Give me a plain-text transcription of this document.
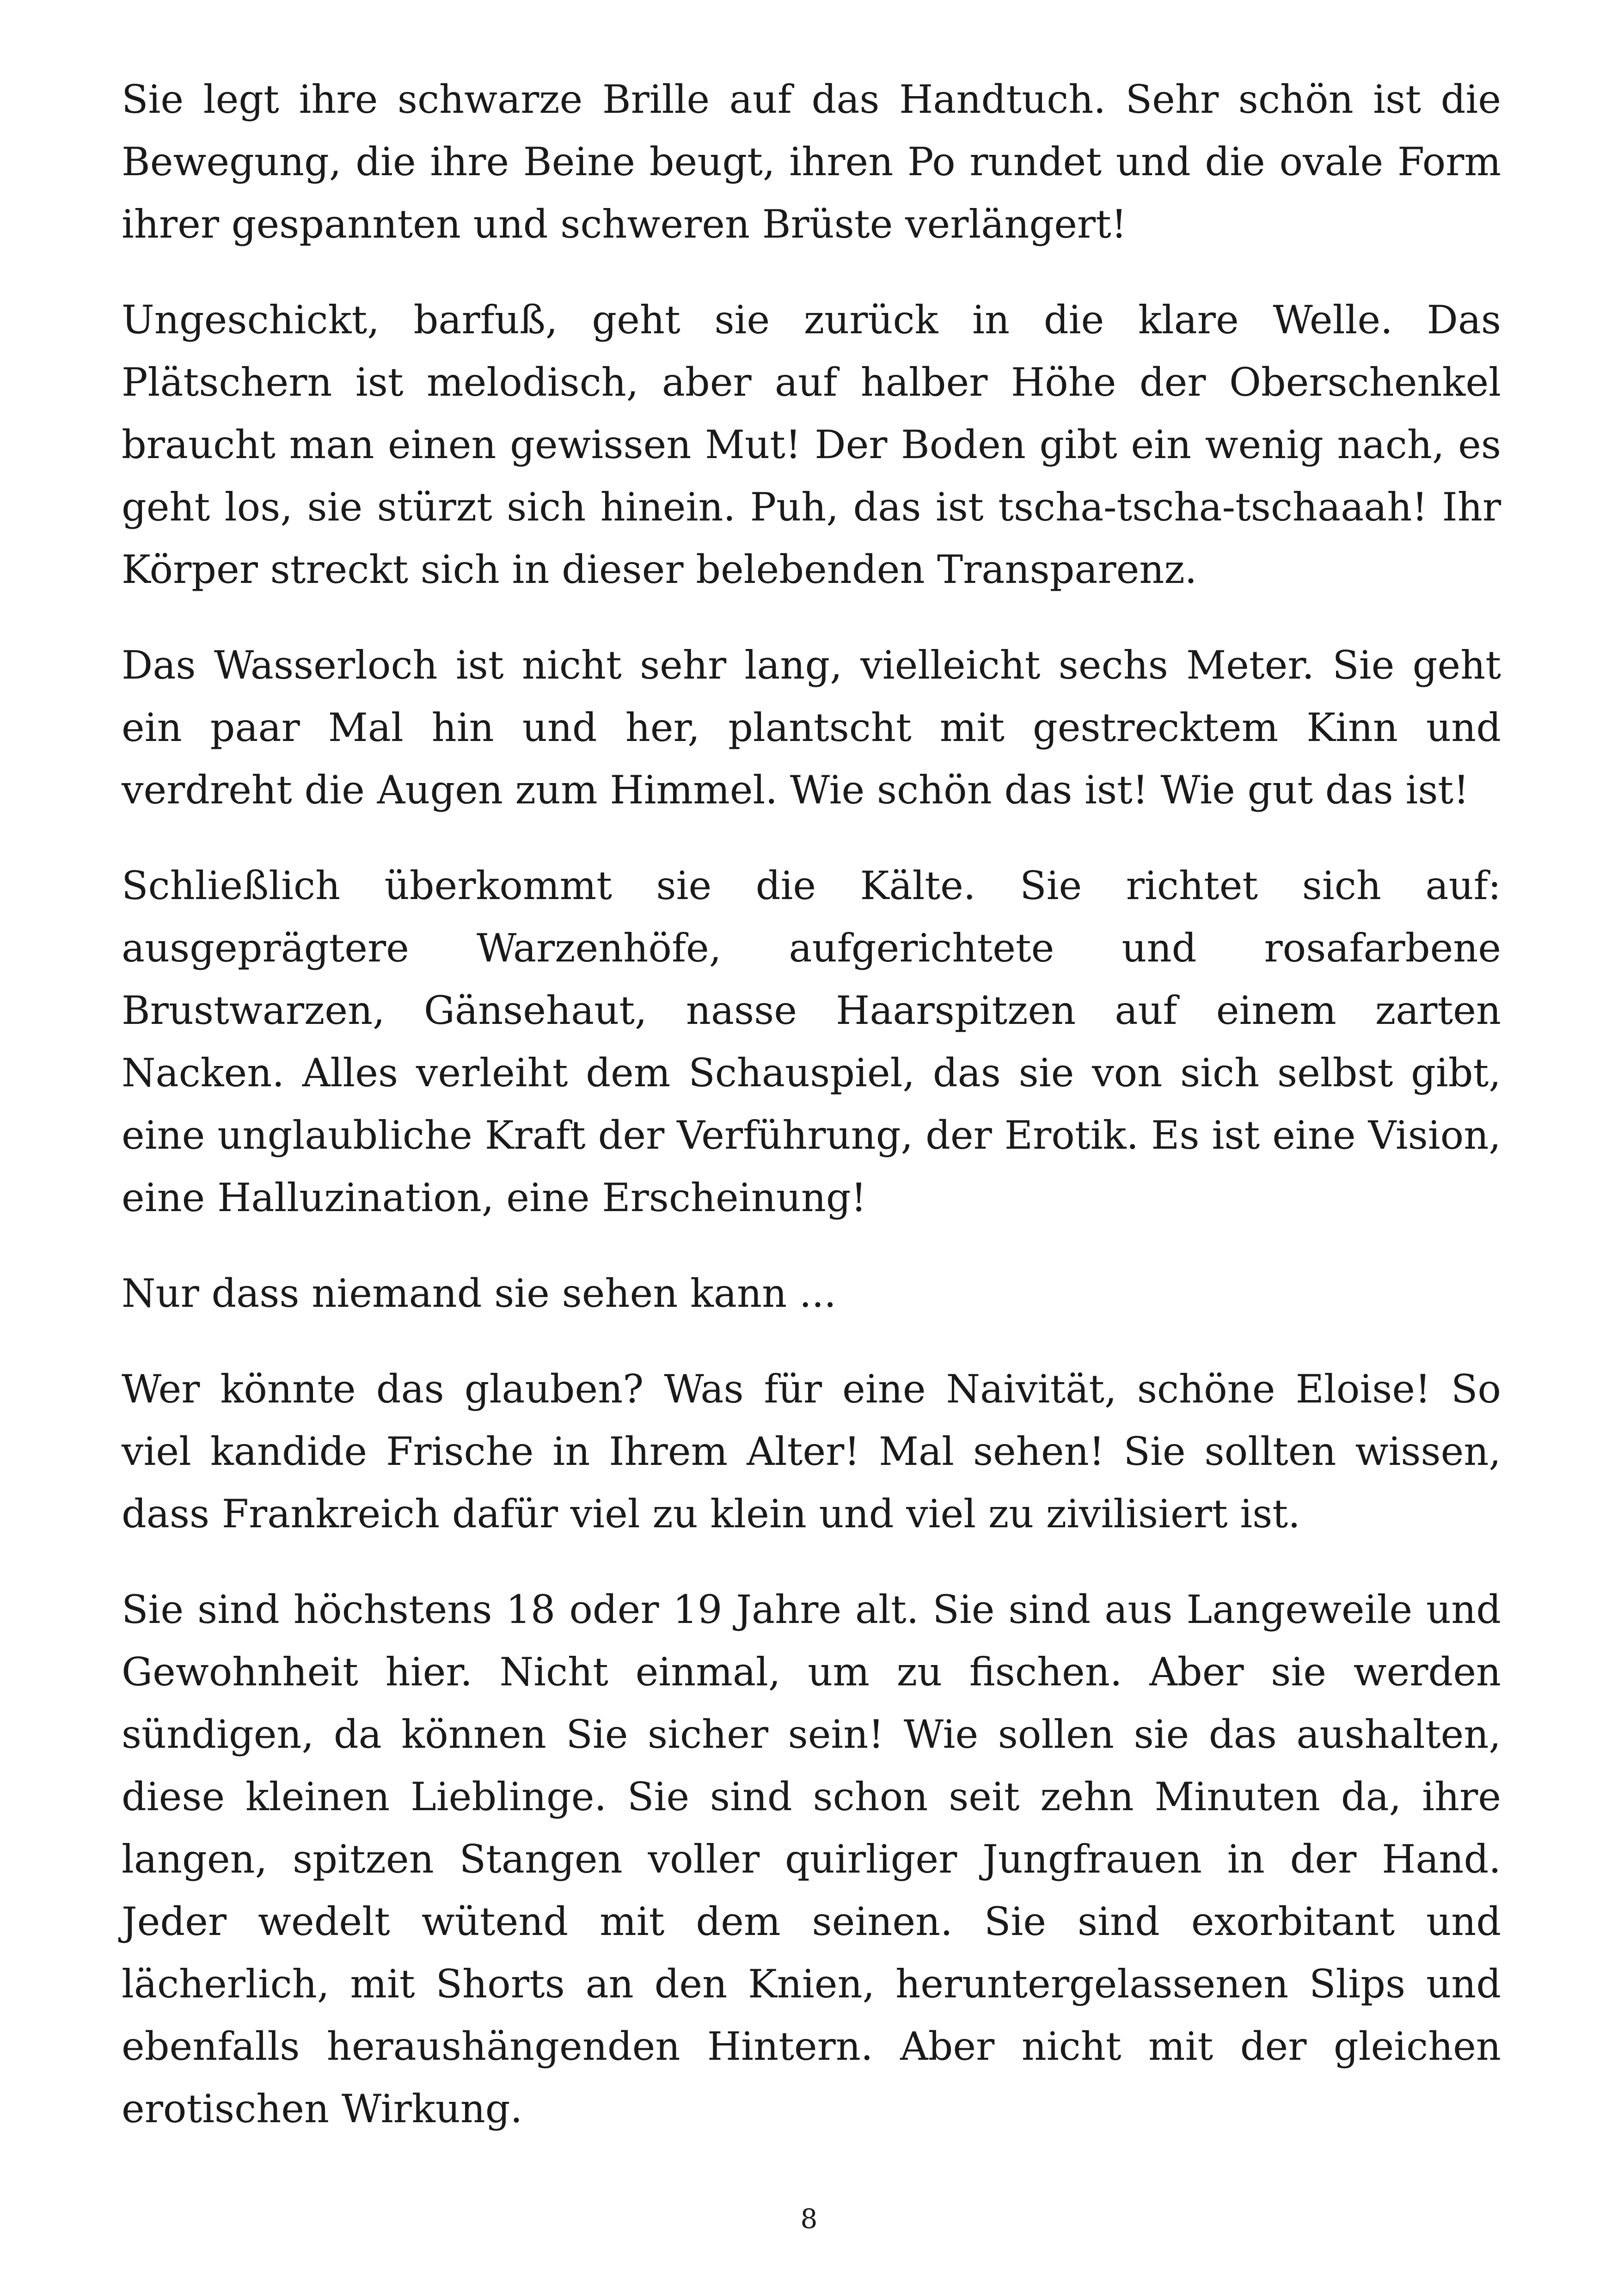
Sie legt ihre schwarze Brille auf das Handtuch. Sehr schön ist die Bewegung, die ihre Beine beugt, ihren Po rundet und die ovale Form ihrer gespannten und schweren Brüste verlängert!

Ungeschickt, barfuß, geht sie zurück in die klare Welle. Das Plätschern ist melodisch, aber auf halber Höhe der Oberschenkel braucht man einen gewissen Mut! Der Boden gibt ein wenig nach, es geht los, sie stürzt sich hinein. Puh, das ist tscha-tscha-tschaaah! Ihr Körper streckt sich in dieser belebenden Transparenz.

Das Wasserloch ist nicht sehr lang, vielleicht sechs Meter. Sie geht ein paar Mal hin und her, plantscht mit gestrecktem Kinn und verdreht die Augen zum Himmel. Wie schön das ist! Wie gut das ist!

Schließlich überkommt sie die Kälte. Sie richtet sich auf: ausgeprägtere Warzenhöfe, aufgerichtete und rosafarbene Brustwarzen, Gänsehaut, nasse Haarspitzen auf einem zarten Nacken. Alles verleiht dem Schauspiel, das sie von sich selbst gibt, eine unglaubliche Kraft der Verführung, der Erotik. Es ist eine Vision, eine Halluzination, eine Erscheinung!

Nur dass niemand sie sehen kann ...

Wer könnte das glauben? Was für eine Naivität, schöne Eloise! So viel kandide Frische in Ihrem Alter! Mal sehen! Sie sollten wissen, dass Frankreich dafür viel zu klein und viel zu zivilisiert ist.

Sie sind höchstens 18 oder 19 Jahre alt. Sie sind aus Langeweile und Gewohnheit hier. Nicht einmal, um zu fischen. Aber sie werden sündigen, da können Sie sicher sein! Wie sollen sie das aushalten, diese kleinen Lieblinge. Sie sind schon seit zehn Minuten da, ihre langen, spitzen Stangen voller quirliger Jungfrauen in der Hand. Jeder wedelt wütend mit dem seinen. Sie sind exorbitant und lächerlich, mit Shorts an den Knien, heruntergelassenen Slips und ebenfalls heraushängenden Hintern. Aber nicht mit der gleichen erotischen Wirkung.

8
